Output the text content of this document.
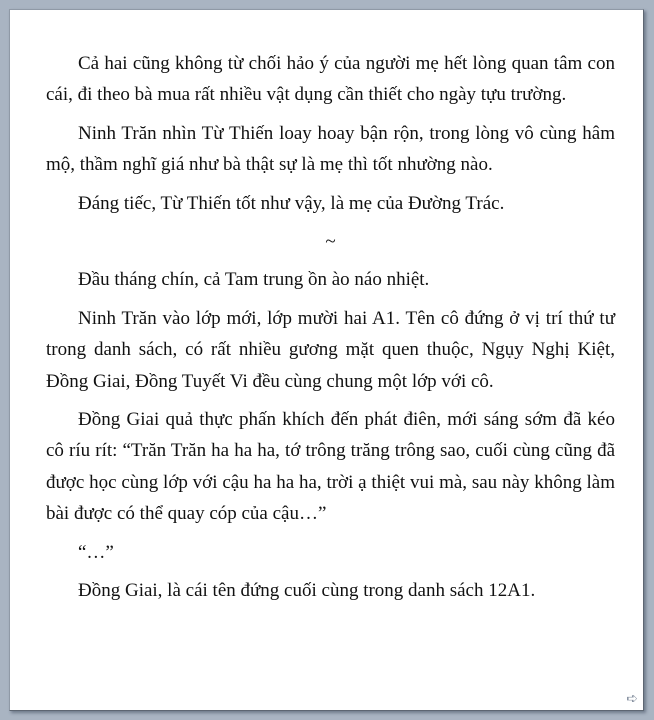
Cả hai cũng không từ chối hảo ý của người mẹ hết lòng quan tâm con cái, đi theo bà mua rất nhiều vật dụng cần thiết cho ngày tựu trường.

Ninh Trăn nhìn Từ Thiến loay hoay bận rộn, trong lòng vô cùng hâm mộ, thầm nghĩ giá như bà thật sự là mẹ thì tốt nhường nào.

Đáng tiếc, Từ Thiến tốt như vậy, là mẹ của Đường Trác.

~

Đầu tháng chín, cả Tam trung ồn ào náo nhiệt.

Ninh Trăn vào lớp mới, lớp mười hai A1. Tên cô đứng ở vị trí thứ tư trong danh sách, có rất nhiều gương mặt quen thuộc, Ngụy Nghị Kiệt, Đồng Giai, Đồng Tuyết Vi đều cùng chung một lớp với cô.

Đồng Giai quả thực phấn khích đến phát điên, mới sáng sớm đã kéo cô ríu rít: “Trăn Trăn ha ha ha, tớ trông trăng trông sao, cuối cùng cũng đã được học cùng lớp với cậu ha ha ha, trời ạ thiệt vui mà, sau này không làm bài được có thể quay cóp của cậu…”

“…”

Đồng Giai, là cái tên đứng cuối cùng trong danh sách 12A1.

➪
